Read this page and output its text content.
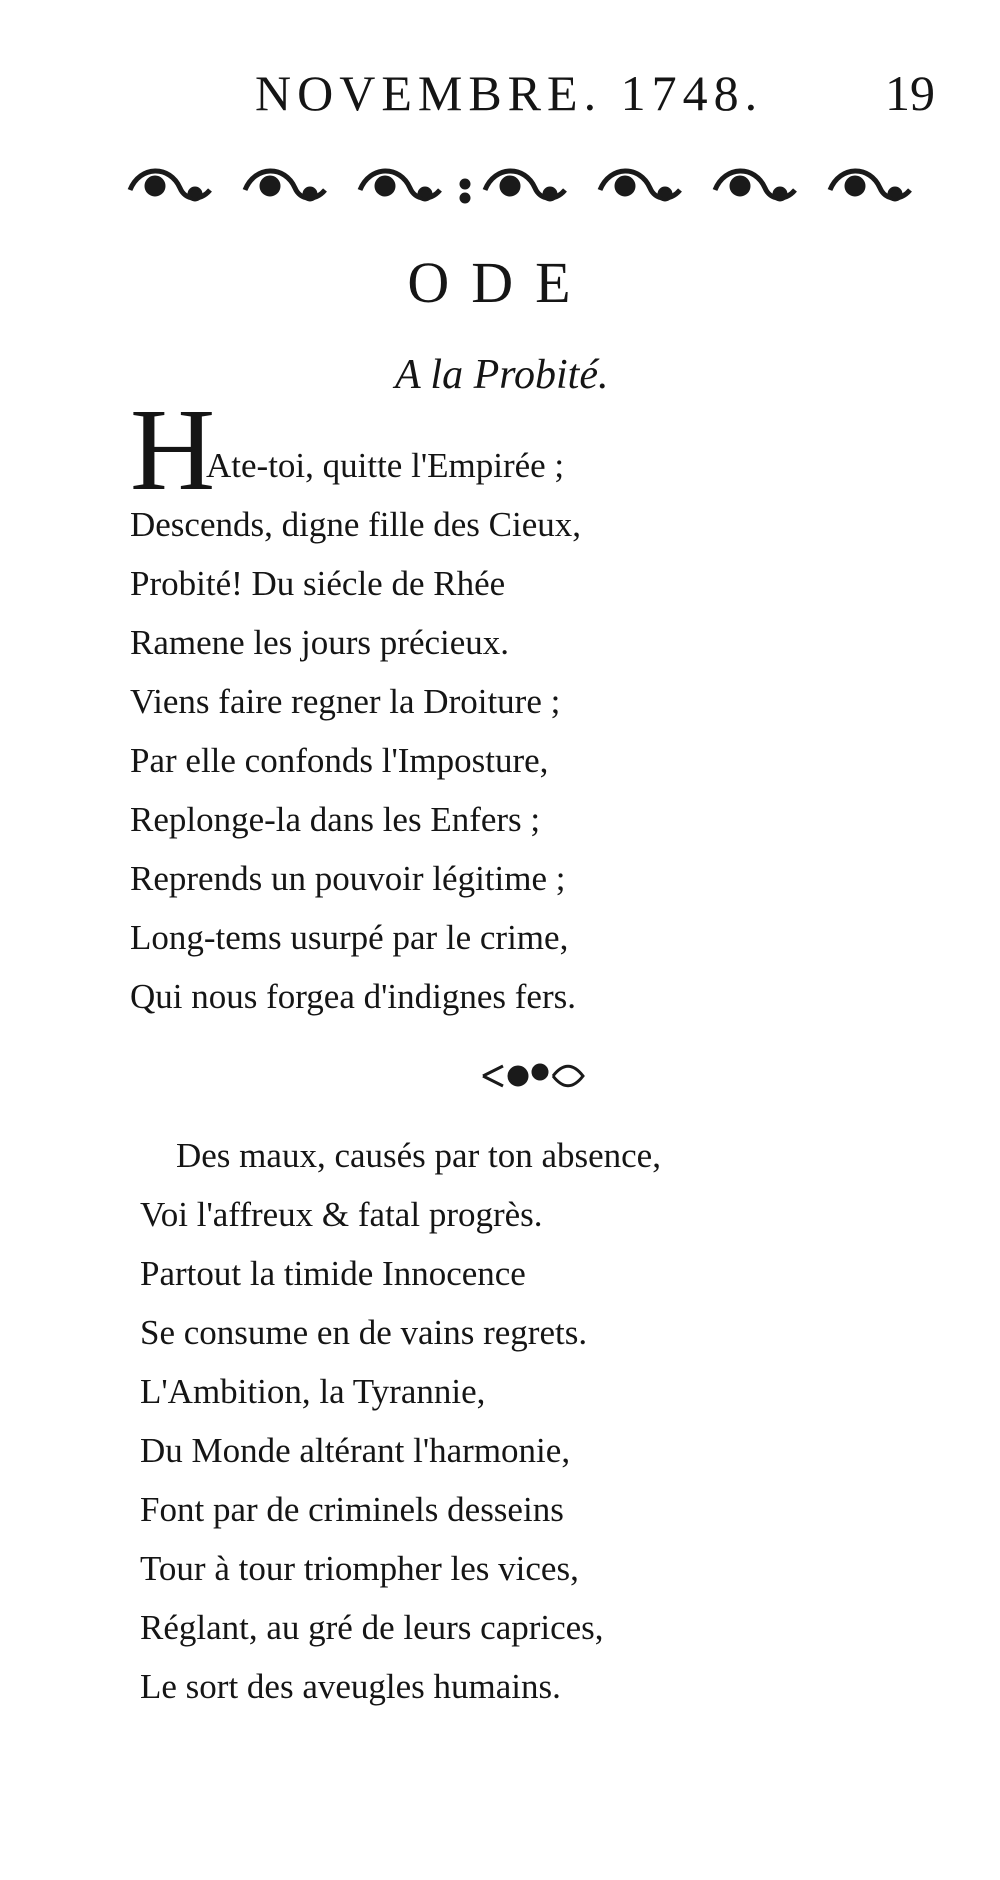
NOVEMBRE. 1748.	19
ODE
A la Probité.
H
Ate-toi, quitte l'Empirée ;
Descends, digne fille des Cieux,
Probité! Du siécle de Rhée
Ramene les jours précieux.
Viens faire regner la Droiture ;
Par elle confonds l'Imposture,
Replonge-la dans les Enfers ;
Reprends un pouvoir légitime ;
Long-tems usurpé par le crime,
Qui nous forgea d'indignes fers.
Des maux, causés par ton absence,
Voi l'affreux & fatal progrès.
Partout la timide Innocence
Se consume en de vains regrets.
L'Ambition, la Tyrannie,
Du Monde altérant l'harmonie,
Font par de criminels desseins
Tour à tour triompher les vices,
Réglant, au gré de leurs caprices,
Le sort des aveugles humains.
